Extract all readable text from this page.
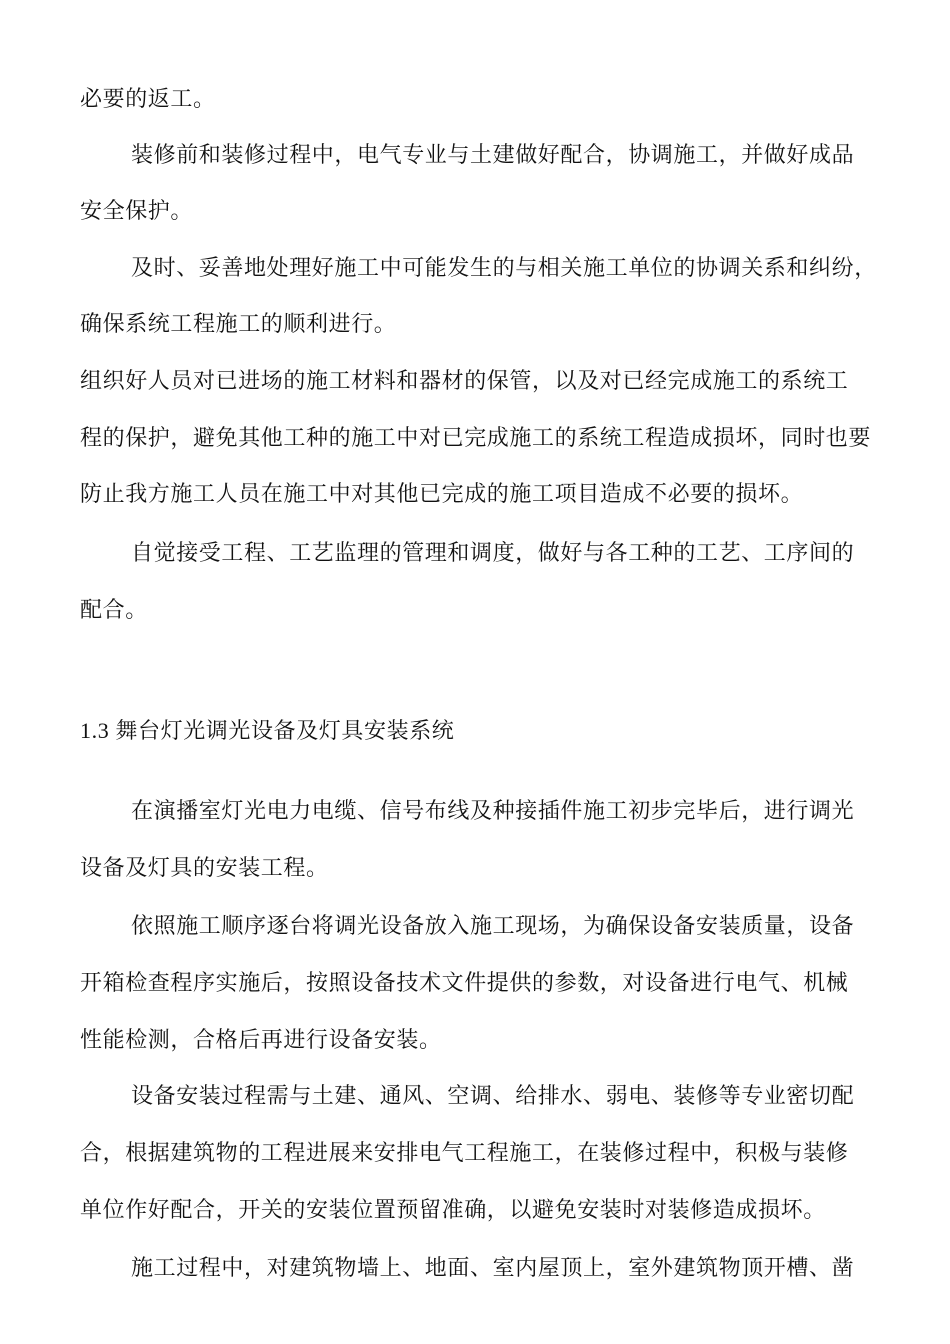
必要的返工。
装修前和装修过程中，电气专业与土建做好配合，协调施工，并做好成品
安全保护。
及时、妥善地处理好施工中可能发生的与相关施工单位的协调关系和纠纷，
确保系统工程施工的顺利进行。
组织好人员对已进场的施工材料和器材的保管，以及对已经完成施工的系统工
程的保护，避免其他工种的施工中对已完成施工的系统工程造成损坏，同时也要
防止我方施工人员在施工中对其他已完成的施工项目造成不必要的损坏。
自觉接受工程、工艺监理的管理和调度，做好与各工种的工艺、工序间的
配合。
1.3 舞台灯光调光设备及灯具安装系统
在演播室灯光电力电缆、信号布线及种接插件施工初步完毕后，进行调光
设备及灯具的安装工程。
依照施工顺序逐台将调光设备放入施工现场，为确保设备安装质量，设备
开箱检查程序实施后，按照设备技术文件提供的参数，对设备进行电气、机械
性能检测，合格后再进行设备安装。
设备安装过程需与土建、通风、空调、给排水、弱电、装修等专业密切配
合，根据建筑物的工程进展来安排电气工程施工，在装修过程中，积极与装修
单位作好配合，开关的安装位置预留准确，以避免安装时对装修造成损坏。
施工过程中，对建筑物墙上、地面、室内屋顶上，室外建筑物顶开槽、凿
